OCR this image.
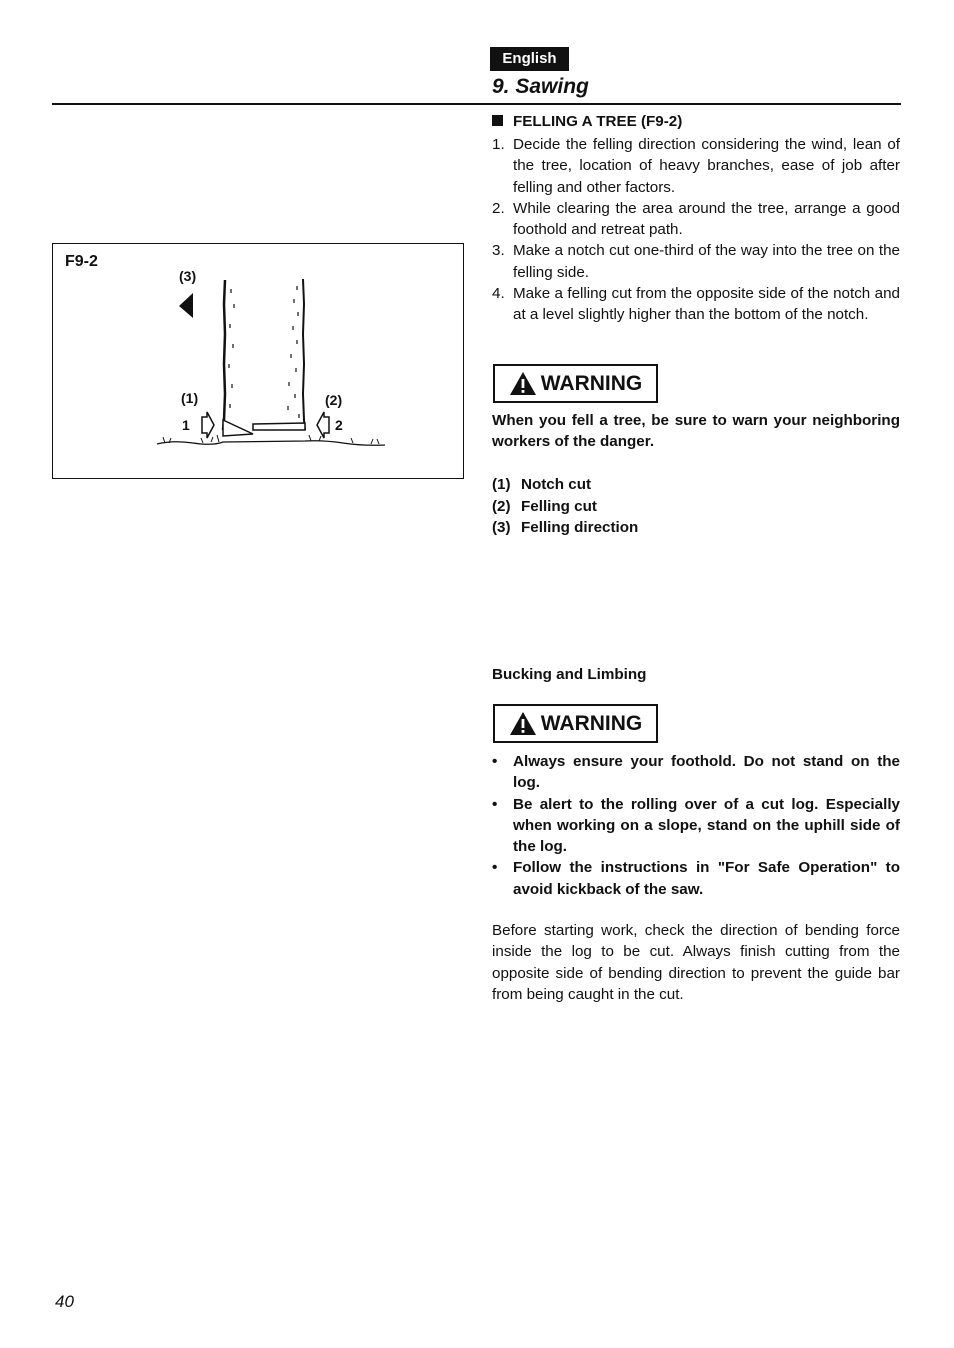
English
9. Sawing
F9-2
(3)
(1)	(2)
1	2
FELLING A TREE (F9-2)
1. Decide the felling direction considering the wind, lean of the tree, location of heavy branches, ease of job after felling and other factors.
2. While clearing the area around the tree, arrange a good foothold and retreat path.
3. Make a notch cut one-third of the way into the tree on the felling side.
4. Make a felling cut from the opposite side of the notch and at a level slightly higher than the bottom of the notch.
WARNING
When you fell a tree, be sure to warn your neighboring workers of the danger.
(1) Notch cut
(2) Felling cut
(3) Felling direction
Bucking and Limbing
WARNING
• Always ensure your foothold. Do not stand on the log.
• Be alert to the rolling over of a cut log. Especially when working on a slope, stand on the uphill side of the log.
• Follow the instructions in "For Safe Operation" to avoid kickback of the saw.
Before starting work, check the direction of bending force inside the log to be cut. Always finish cutting from the opposite side of bending direction to prevent the guide bar from being caught in the cut.
40
